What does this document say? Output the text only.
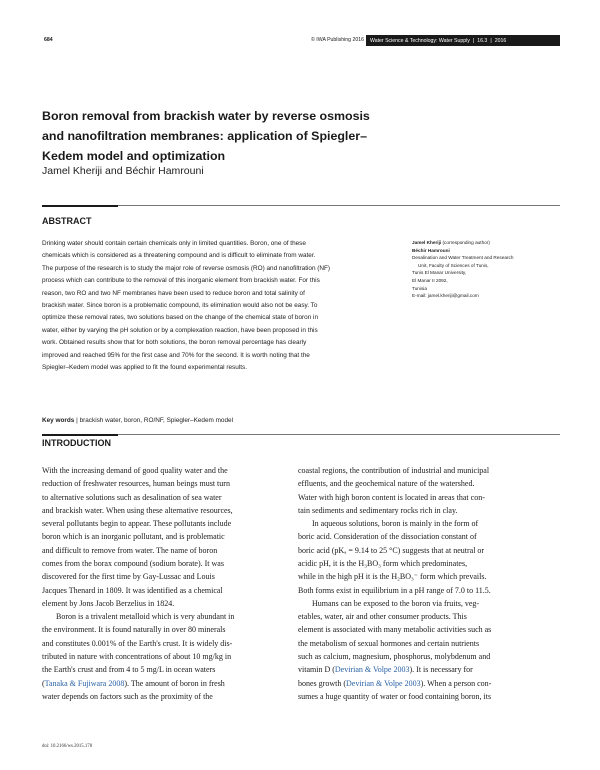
684	© IWA Publishing 2016 Water Science & Technology: Water Supply | 16.3 | 2016
Boron removal from brackish water by reverse osmosis
and nanofiltration membranes: application of Spiegler–
Kedem model and optimization
Jamel Kheriji and Béchir Hamrouni
ABSTRACT
Drinking water should contain certain chemicals only in limited quantities. Boron, one of these
chemicals which is considered as a threatening compound and is difficult to eliminate from water.
The purpose of the research is to study the major role of reverse osmosis (RO) and nanofiltration (NF)
process which can contribute to the removal of this inorganic element from brackish water. For this
reason, two RO and two NF membranes have been used to reduce boron and total salinity of
brackish water. Since boron is a problematic compound, its elimination would also not be easy. To
optimize these removal rates, two solutions based on the change of the chemical state of boron in
water, either by varying the pH solution or by a complexation reaction, have been proposed in this
work. Obtained results show that for both solutions, the boron removal percentage has clearly
improved and reached 95% for the first case and 70% for the second. It is worth noting that the
Spiegler–Kedem model was applied to fit the found experimental results.
Key words | brackish water, boron, RO/NF, Spiegler–Kedem model
Jamel Kheriji (corresponding author)
Béchir Hamrouni
Desalination and Water Treatment and Research
Unit, Faculty of Sciences of Tunis,
Tunis El Manar University,
El Manar II 2092,
Tunisia
E-mail: jamel.kheriji@gmail.com
INTRODUCTION
With the increasing demand of good quality water and the
reduction of freshwater resources, human beings must turn
to alternative solutions such as desalination of sea water
and brackish water. When using these alternative resources,
several pollutants begin to appear. These pollutants include
boron which is an inorganic pollutant, and is problematic
and difficult to remove from water. The name of boron
comes from the borax compound (sodium borate). It was
discovered for the first time by Gay-Lussac and Louis
Jacques Thenard in 1809. It was identified as a chemical
element by Jons Jacob Berzelius in 1824.
Boron is a trivalent metalloid which is very abundant in
the environment. It is found naturally in over 80 minerals
and constitutes 0.001% of the Earth's crust. It is widely dis-
tributed in nature with concentrations of about 10 mg/kg in
the Earth's crust and from 4 to 5 mg/L in ocean waters
(Tanaka & Fujiwara 2008). The amount of boron in fresh
water depends on factors such as the proximity of the
coastal regions, the contribution of industrial and municipal
effluents, and the geochemical nature of the watershed.
Water with high boron content is located in areas that con-
tain sediments and sedimentary rocks rich in clay.
In aqueous solutions, boron is mainly in the form of
boric acid. Consideration of the dissociation constant of
boric acid (pKₐ = 9.14 to 25 °C) suggests that at neutral or
acidic pH, it is the H₃BO₃ form which predominates,
while in the high pH it is the H₂BO₃⁻ form which prevails.
Both forms exist in equilibrium in a pH range of 7.0 to 11.5.
Humans can be exposed to the boron via fruits, veg-
etables, water, air and other consumer products. This
element is associated with many metabolic activities such as
the metabolism of sexual hormones and certain nutrients
such as calcium, magnesium, phosphorus, molybdenum and
vitamin D (Devirian & Volpe 2003). It is necessary for
bones growth (Devirian & Volpe 2003). When a person con-
sumes a huge quantity of water or food containing boron, its
doi: 10.2166/ws.2015.178
